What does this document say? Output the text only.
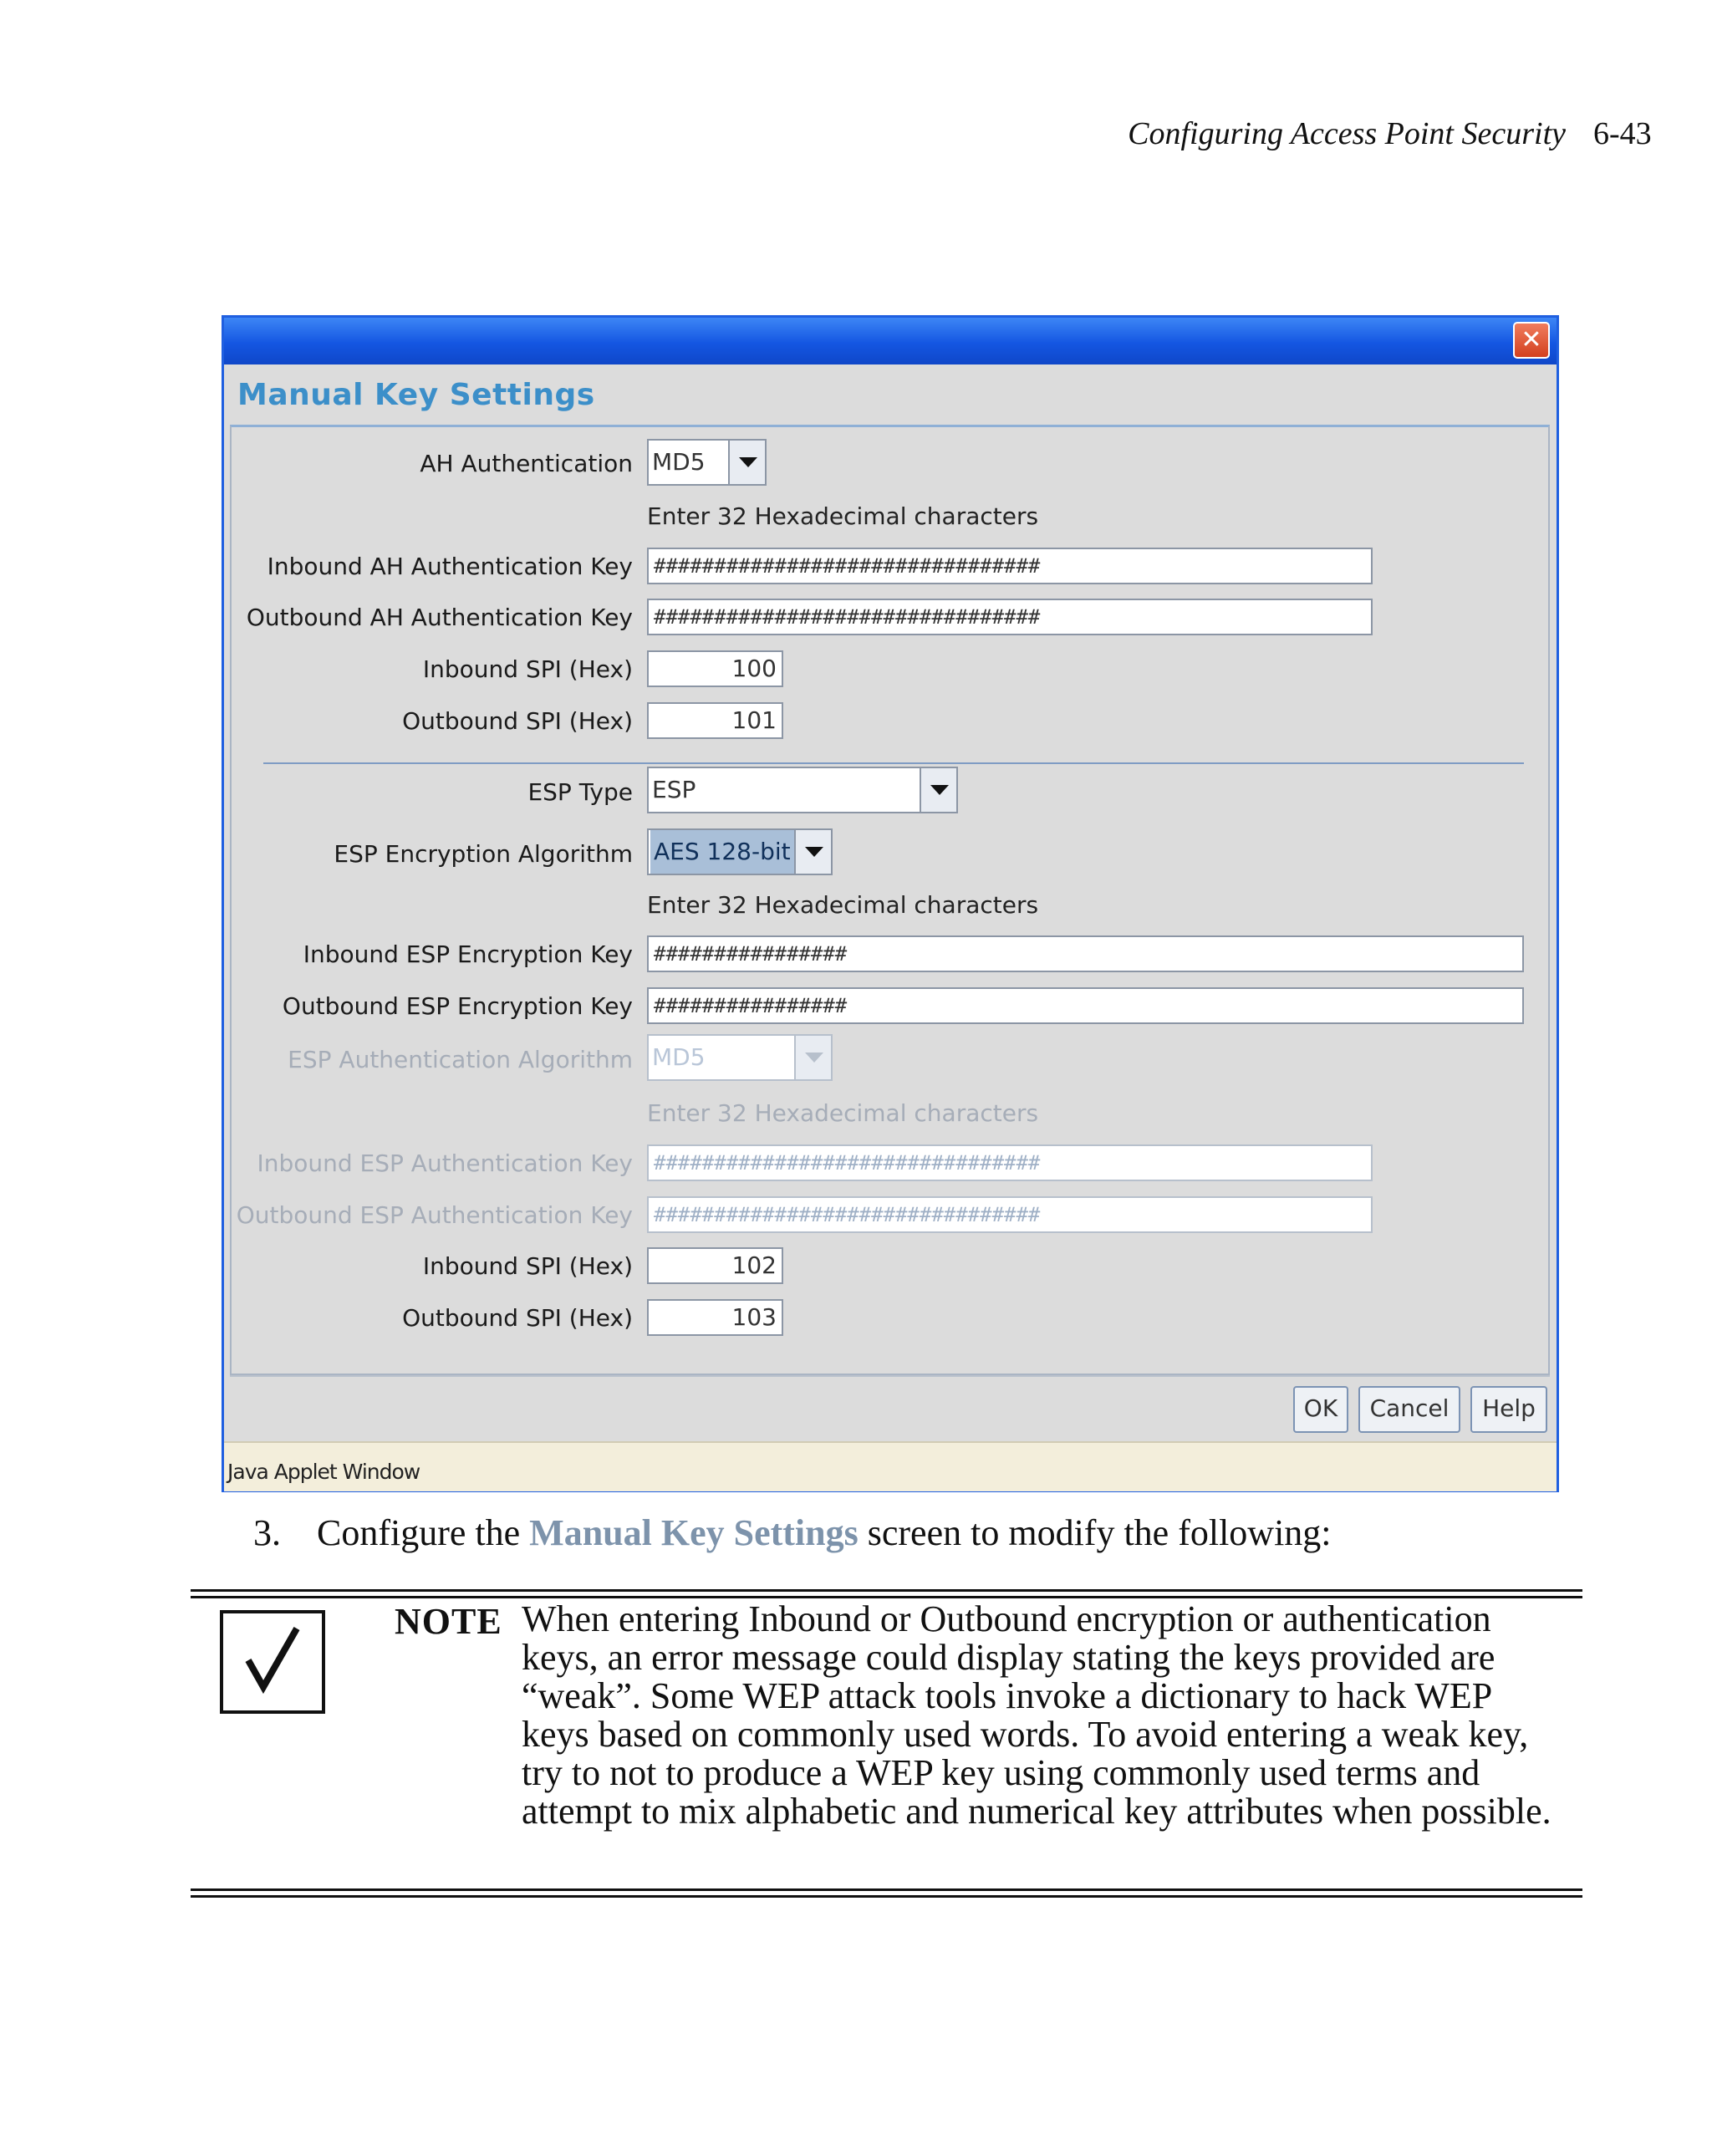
Configuring Access Point Security 6-43
✕
Manual Key Settings
AH Authentication MD5
Enter 32 Hexadecimal characters
Inbound AH Authentication Key	################################
Outbound AH Authentication Key	################################
Inbound SPI (Hex)	100
Outbound SPI (Hex)	101
ESP Type ESP
ESP Encryption Algorithm AES 128-bit
Enter 32 Hexadecimal characters
Inbound ESP Encryption Key	################
Outbound ESP Encryption Key	################
ESP Authentication Algorithm MD5
Enter 32 Hexadecimal characters
Inbound ESP Authentication Key	################################
Outbound ESP Authentication Key	################################
Inbound SPI (Hex)	102
Outbound SPI (Hex)	103
OK	Cancel	Help
Java Applet Window
3. Configure the Manual Key Settings screen to modify the following:
NOTE When entering Inbound or Outbound encryption or authentication keys, an error message could display stating the keys provided are “weak”. Some WEP attack tools invoke a dictionary to hack WEP keys based on commonly used words. To avoid entering a weak key, try to not to produce a WEP key using commonly used terms and attempt to mix alphabetic and numerical key attributes when possible.
